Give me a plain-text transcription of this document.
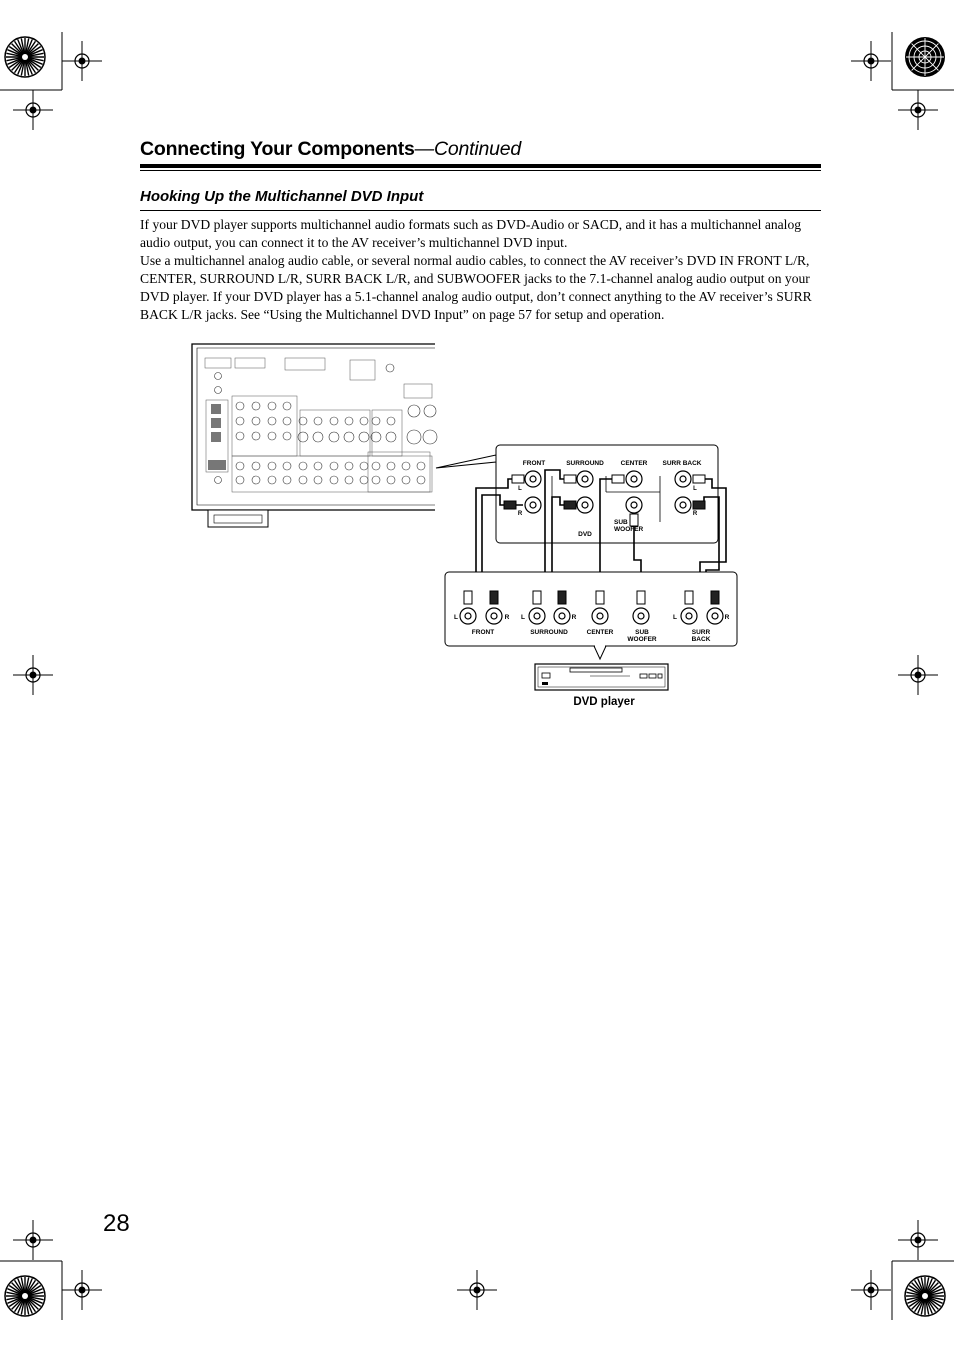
Connecting Your Components—Continued
Hooking Up the Multichannel DVD Input

If your DVD player supports multichannel audio formats such as DVD-Audio or SACD, and it has a multichannel analog audio output, you can connect it to the AV receiver’s multichannel DVD input.

Use a multichannel analog audio cable, or several normal audio cables, to connect the AV receiver’s DVD IN FRONT L/R, CENTER, SURROUND L/R, SURR BACK L/R, and SUBWOOFER jacks to the 7.1-channel analog audio output on your DVD player. If your DVD player has a 5.1-channel analog audio output, don’t connect anything to the AV receiver’s SURR BACK L/R jacks. See “Using the Multichannel DVD Input” on page 57 for setup and operation.

FRONT	SURROUND	CENTER SURR BACK
L
R
L
R
SUB
WOOFER
DVD
L	R L	R	L	R
FRONT	SURROUND	CENTER	SUB
WOOFER
SURR
BACK
DVD player
28
